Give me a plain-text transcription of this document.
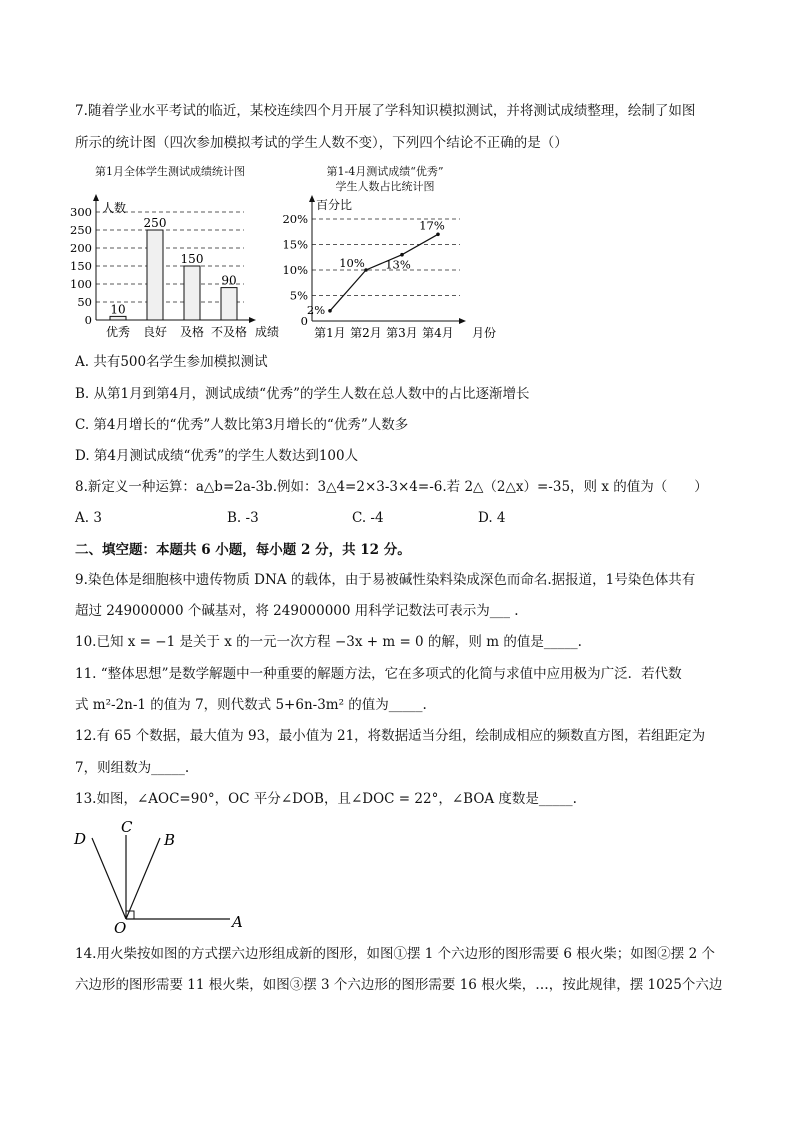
7.随着学业水平考试的临近，某校连续四个月开展了学科知识模拟测试，并将测试成绩整理，绘制了如图
所示的统计图（四次参加模拟考试的学生人数不变），下列四个结论不正确的是（）
第1月全体学生测试成绩统计图
人数
成绩
0
50
100
150
200
250
300
10
优秀
250
良好
150
及格
90
不及格
第1-4月测试成绩“优秀”
学生人数占比统计图
百分比
月份
0
5%
10%
15%
20%
2%
第1月
10%
第2月
13%
第3月
17%
第4月
A. 共有500名学生参加模拟测试
B. 从第1月到第4月，测试成绩“优秀”的学生人数在总人数中的占比逐渐增长
C. 第4月增长的“优秀”人数比第3月增长的“优秀”人数多
D. 第4月测试成绩“优秀”的学生人数达到100人
8.新定义一种运算：a△b=2a-3b.例如：3△4=2×3-3×4=-6.若 2△（2△x）=-35，则 x 的值为（　　）
A. 3	B. -3	C. -4	D. 4
二、填空题：本题共 6 小题，每小题 2 分，共 12 分。
9.染色体是细胞核中遗传物质 DNA 的载体，由于易被碱性染料染成深色而命名.据报道，1号染色体共有
超过 249000000 个碱基对，将 249000000 用科学记数法可表示为___ .
10.已知 x = −1 是关于 x 的一元一次方程 −3x + m = 0 的解，则 m 的值是_____.
11. “整体思想”是数学解题中一种重要的解题方法，它在多项式的化简与求值中应用极为广泛．若代数
式 m²-2n-1 的值为 7，则代数式 5+6n-3m² 的值为_____.
12.有 65 个数据，最大值为 93，最小值为 21，将数据适当分组，绘制成相应的频数直方图，若组距定为
7，则组数为_____.
13.如图，∠AOC=90°，OC 平分∠DOB，且∠DOC = 22°，∠BOA 度数是_____.
D
C
B
O	A
14.用火柴按如图的方式摆六边形组成新的图形，如图①摆 1 个六边形的图形需要 6 根火柴；如图②摆 2 个
六边形的图形需要 11 根火柴，如图③摆 3 个六边形的图形需要 16 根火柴，…，按此规律，摆 1025个六边
